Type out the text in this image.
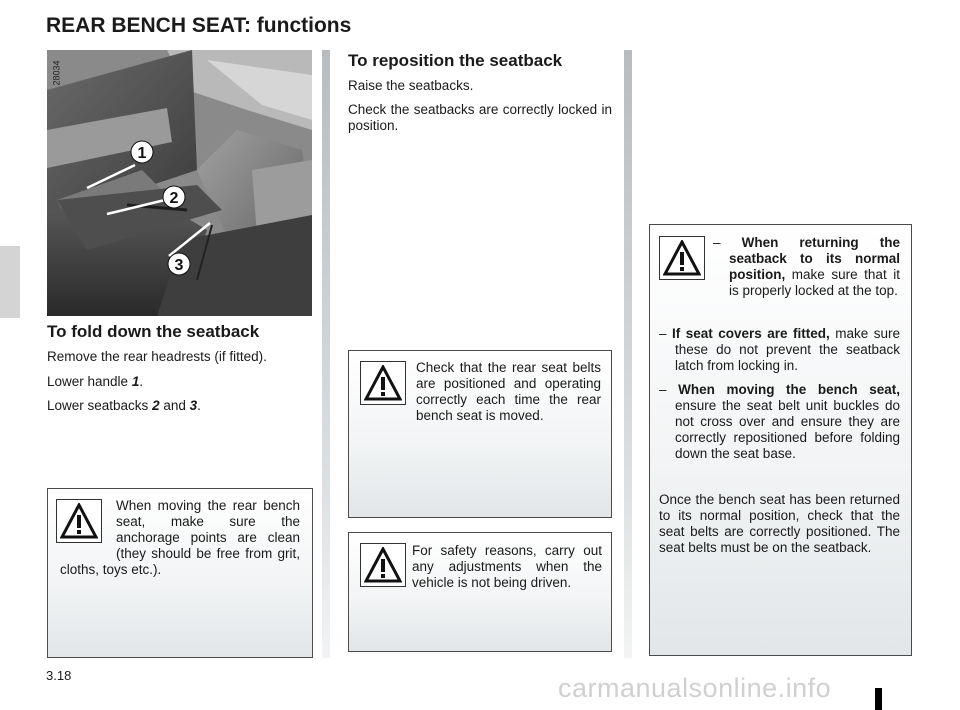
REAR BENCH SEAT: functions
1
2
3
28034
To fold down the seatback

Remove the rear headrests (if fitted).

Lower handle 1.

Lower seatbacks 2 and 3.

When moving the rear bench seat, make sure the anchorage points are clean (they should be free from grit, cloths, toys etc.).

To reposition the seatback

Raise the seatbacks.

Check the seatbacks are correctly locked in position.

Check that the rear seat belts are positioned and operating correctly each time the rear bench seat is moved.

For safety reasons, carry out any adjustments when the vehicle is not being driven.

– When returning the seatback to its normal position, make sure that it is properly locked at the top.
– If seat covers are fitted, make sure these do not prevent the seatback latch from locking in.
– When moving the bench seat, ensure the seat belt unit buckles do not cross over and ensure they are correctly repositioned before folding down the seat base.

Once the bench seat has been returned to its normal position, check that the seat belts are correctly positioned. The seat belts must be on the seatback.

3.18	carmanualsonline.info
